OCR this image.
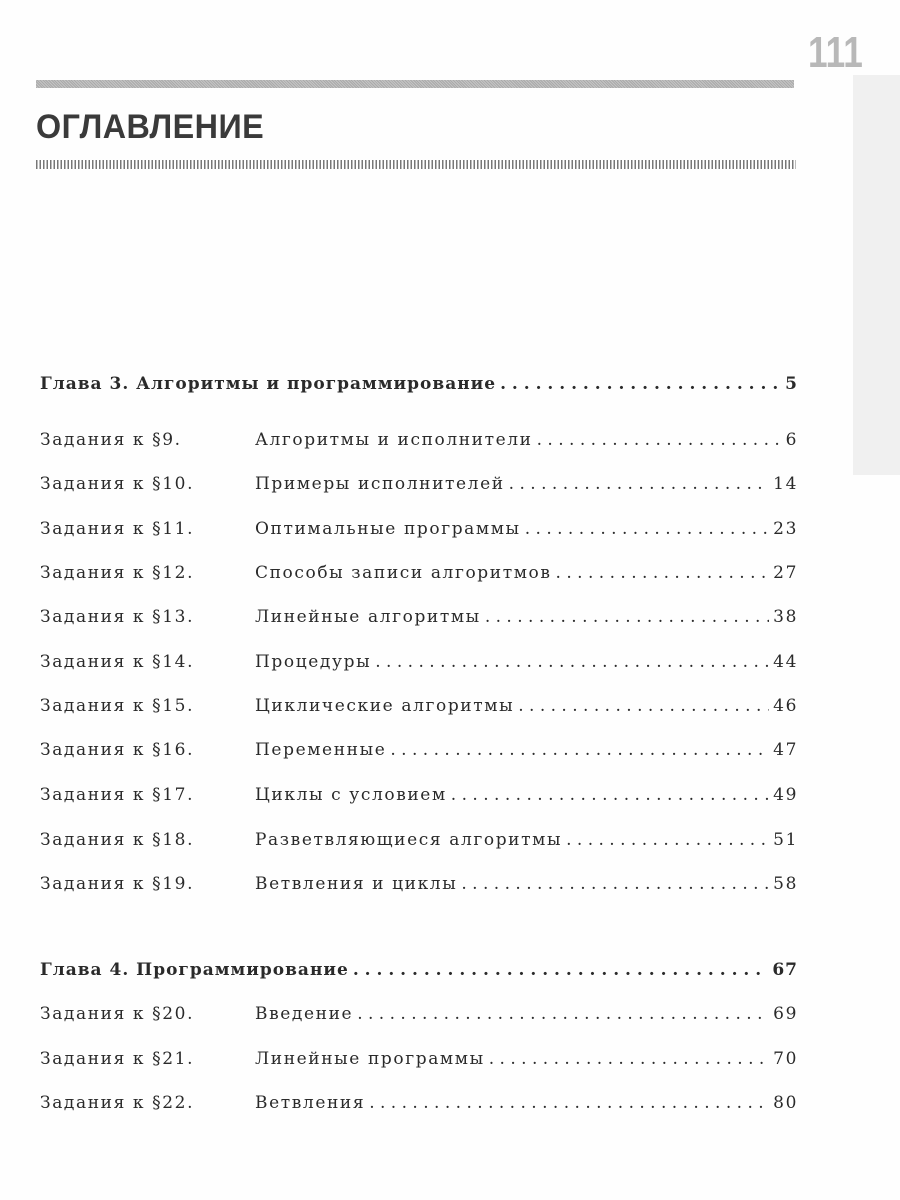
111
ОГЛАВЛЕНИЕ
Глава 3. Алгоритмы и программирование . . .	5
Задания к §9.	Алгоритмы и исполнители . . .	6
Задания к §10.	Примеры исполнителей . . .	14
Задания к §11.	Оптимальные программы . . .	23
Задания к §12.	Способы записи алгоритмов . . .	27
Задания к §13.	Линейные алгоритмы . . .	38
Задания к §14.	Процедуры . . .	44
Задания к §15.	Циклические алгоритмы . . .	46
Задания к §16.	Переменные . . .	47
Задания к §17.	Циклы с условием . . .	49
Задания к §18.	Разветвляющиеся алгоритмы . . .	51
Задания к §19.	Ветвления и циклы . . .	58
Глава 4. Программирование . . .	67
Задания к §20.	Введение . . .	69
Задания к §21.	Линейные программы . . .	70
Задания к §22.	Ветвления . . .	80
